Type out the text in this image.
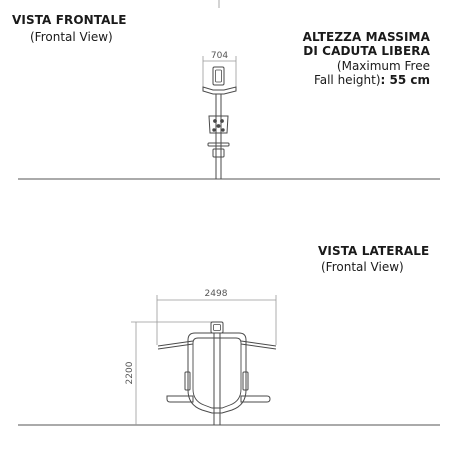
VISTA FRONTALE
(Frontal View)	ALTEZZA MASSIMA
DI CADUTA LIBERA
(Maximum Free
Fall height): 55 cm
VISTA LATERALE
(Frontal View)
704
2498
2200
